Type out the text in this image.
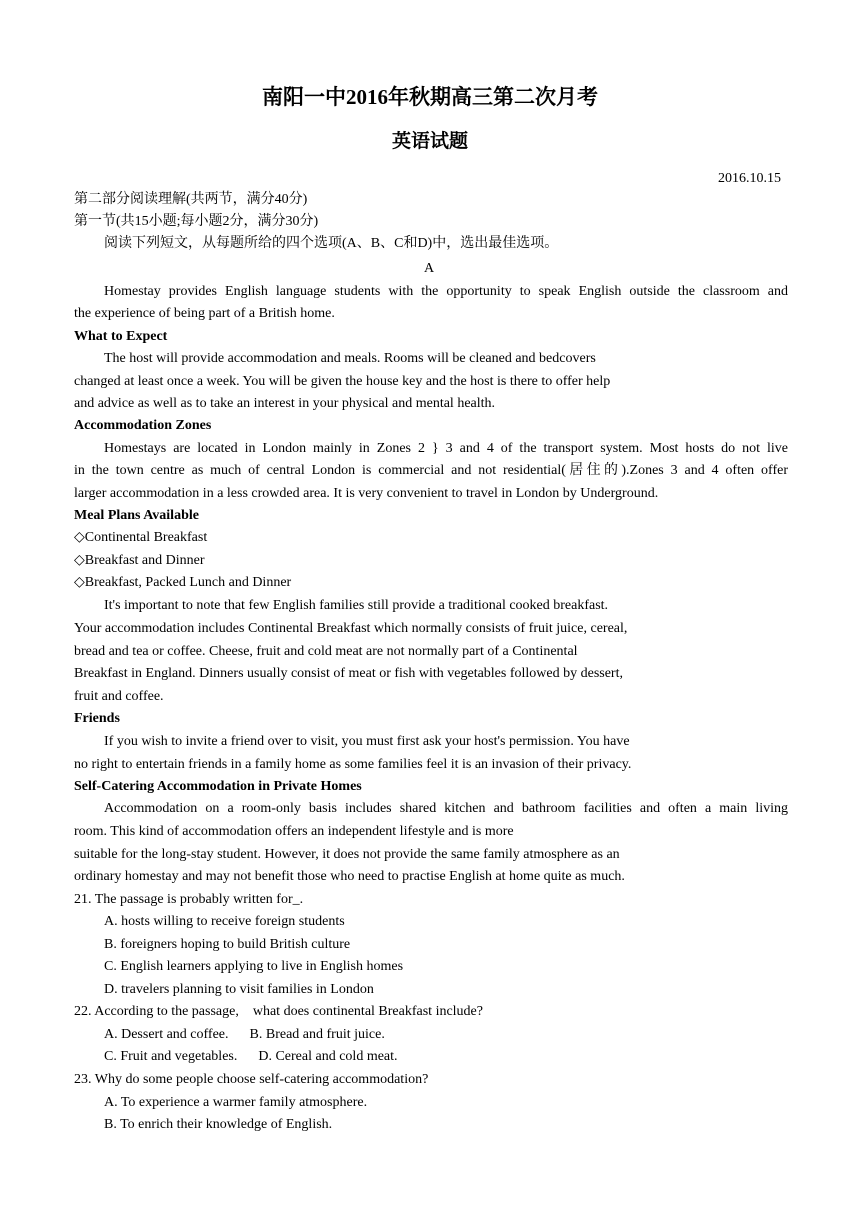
南阳一中2016年秋期高三第二次月考
英语试题
2016.10.15
第二部分阅读理解(共两节，满分40分)
第一节(共15小题;每小题2分，满分30分)
阅读下列短文，从每题所给的四个选项(A、B、C和D)中，选出最佳选项。
A
Homestay provides English language students with the opportunity to speak English outside the classroom and
the experience of being part of a British home.
What to Expect
The host will provide accommodation and meals. Rooms will be cleaned and bedcovers
changed at least once a week. You will be given the house key and the host is there to offer help
and advice as well as to take an interest in your physical and mental health.
Accommodation Zones
Homestays are located in London mainly in Zones 2 } 3 and 4 of the transport system. Most hosts do not live
in the town centre as much of central London is commercial and not residential(居住的).Zones 3 and 4 often offer
larger accommodation in a less crowded area. It is very convenient to travel in London by Underground.
Meal Plans Available
◇Continental Breakfast
◇Breakfast and Dinner
◇Breakfast, Packed Lunch and Dinner
It's important to note that few English families still provide a traditional cooked breakfast.
Your accommodation includes Continental Breakfast which normally consists of fruit juice, cereal,
bread and tea or coffee. Cheese, fruit and cold meat are not normally part of a Continental
Breakfast in England. Dinners usually consist of meat or fish with vegetables followed by dessert,
fruit and coffee.
Friends
If you wish to invite a friend over to visit, you must first ask your host's permission. You have
no right to entertain friends in a family home as some families feel it is an invasion of their privacy.
Self-Catering Accommodation in Private Homes
Accommodation on a room-only basis includes shared kitchen and bathroom facilities and often a main living
room. This kind of accommodation offers an independent lifestyle and is more
suitable for the long-stay student. However, it does not provide the same family atmosphere as an
ordinary homestay and may not benefit those who need to practise English at home quite as much.
21. The passage is probably written for_.
A. hosts willing to receive foreign students
B. foreigners hoping to build British culture
C. English learners applying to live in English homes
D. travelers planning to visit families in London
22. According to the passage,    what does continental Breakfast include?
A. Dessert and coffee.      B. Bread and fruit juice.
C. Fruit and vegetables.      D. Cereal and cold meat.
23. Why do some people choose self-catering accommodation?
A. To experience a warmer family atmosphere.
B. To enrich their knowledge of English.
